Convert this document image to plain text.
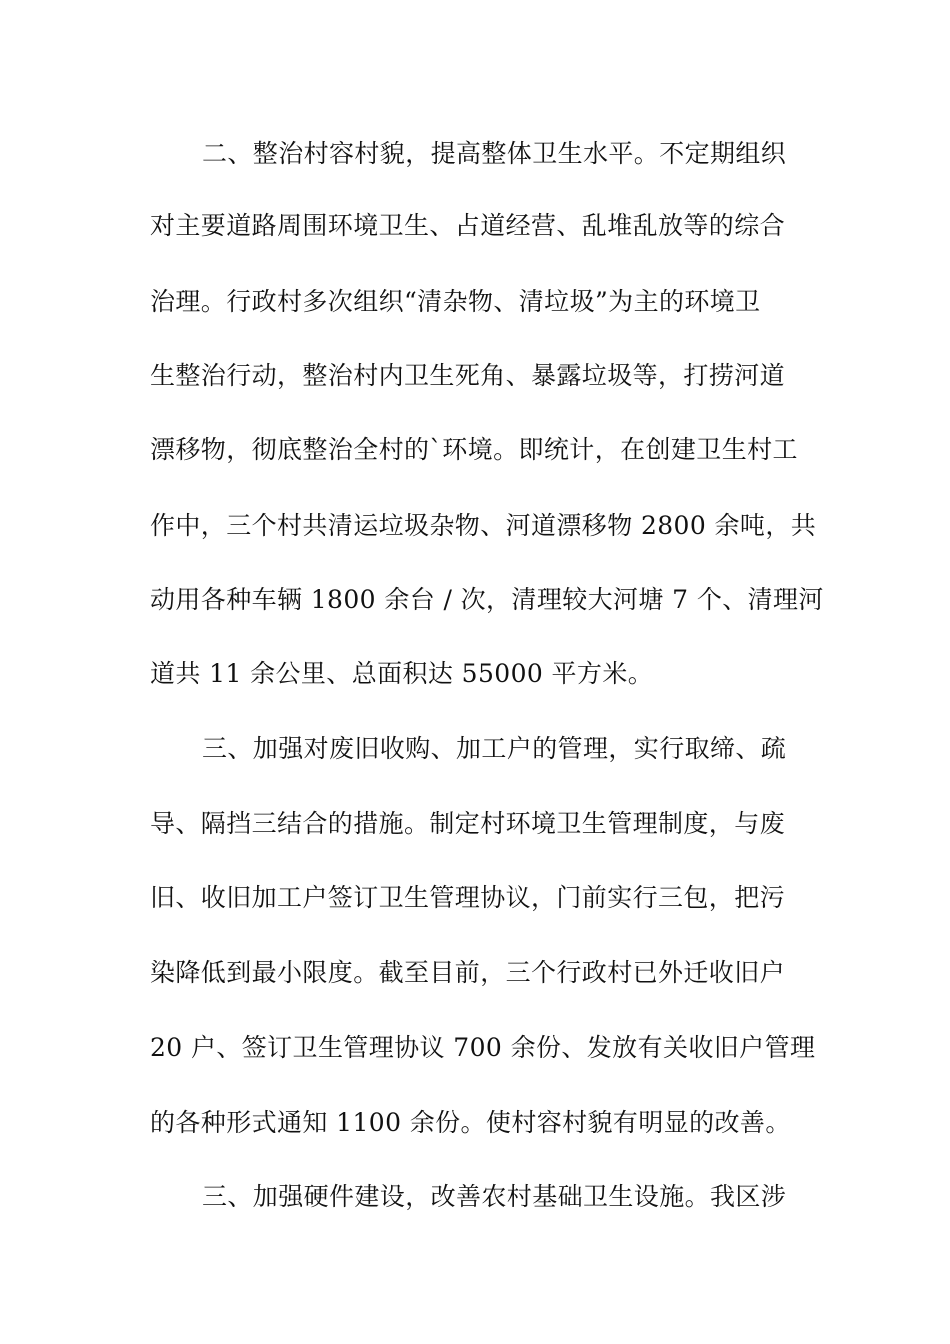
二、整治村容村貌，提高整体卫生水平。不定期组织
对主要道路周围环境卫生、占道经营、乱堆乱放等的综合
治理。行政村多次组织“清杂物、清垃圾”为主的环境卫
生整治行动，整治村内卫生死角、暴露垃圾等，打捞河道
漂移物，彻底整治全村的`环境。即统计，在创建卫生村工
作中，三个村共清运垃圾杂物、河道漂移物 2800 余吨，共
动用各种车辆 1800 余台 / 次，清理较大河塘 7 个、清理河
道共 11 余公里、总面积达 55000 平方米。
三、加强对废旧收购、加工户的管理，实行取缔、疏
导、隔挡三结合的措施。制定村环境卫生管理制度，与废
旧、收旧加工户签订卫生管理协议，门前实行三包，把污
染降低到最小限度。截至目前，三个行政村已外迁收旧户
20 户、签订卫生管理协议 700 余份、发放有关收旧户管理
的各种形式通知 1100 余份。使村容村貌有明显的改善。
三、加强硬件建设，改善农村基础卫生设施。我区涉
